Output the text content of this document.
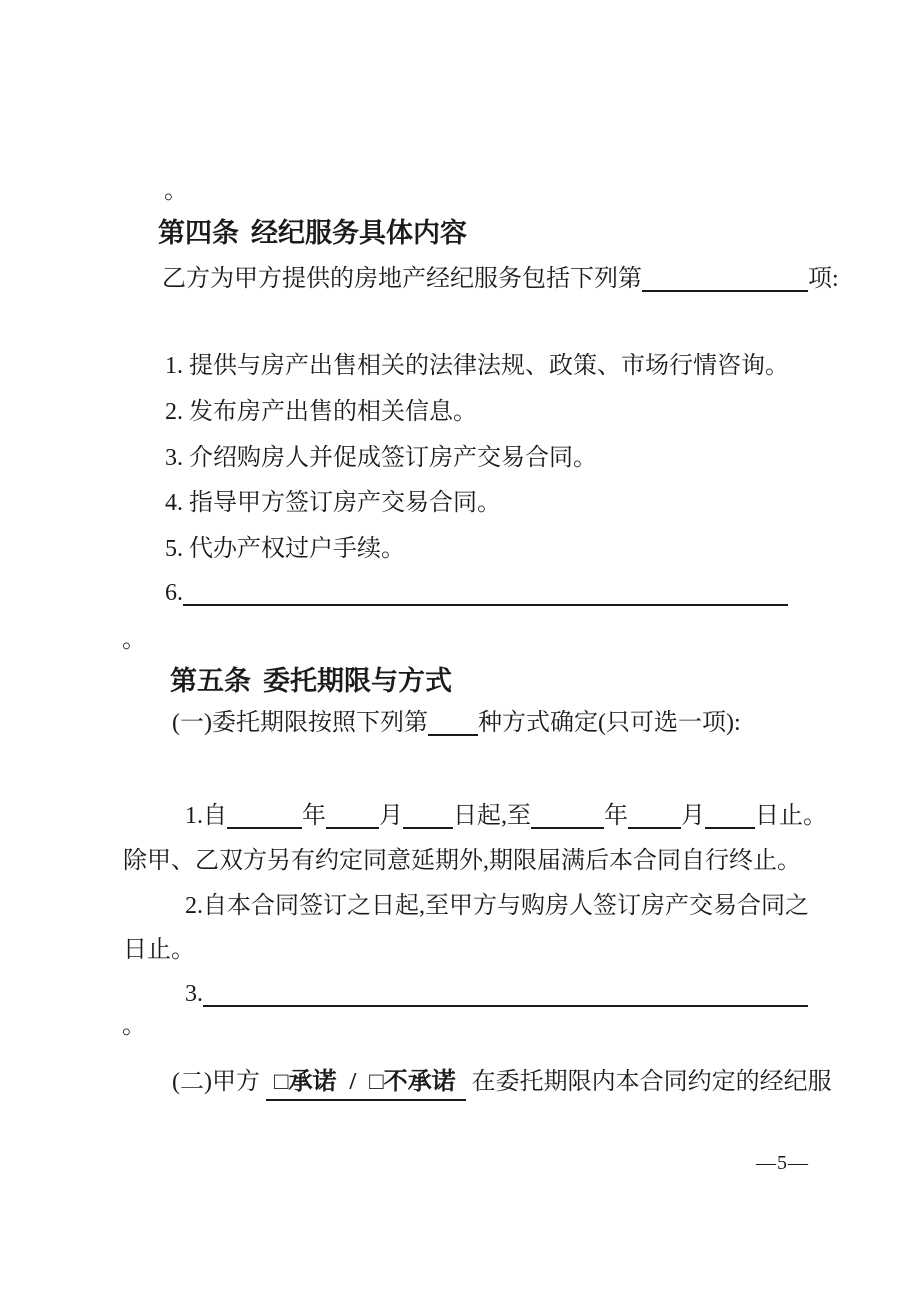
。
第四条 经纪服务具体内容
乙方为甲方提供的房地产经纪服务包括下列第	项:
1. 提供与房产出售相关的法律法规、政策、市场行情咨询。
2. 发布房产出售的相关信息。
3. 介绍购房人并促成签订房产交易合同。
4. 指导甲方签订房产交易合同。
5. 代办产权过户手续。
6.
。
第五条 委托期限与方式
(一)委托期限按照下列第 种方式确定(只可选一项):
1.自	年 月 日起,至	年 月 日止。
除甲、乙双方另有约定同意延期外,期限届满后本合同自行终止。
2.自本合同签订之日起,至甲方与购房人签订房产交易合同之
日止。
3.
。
(二)甲方 □承诺 / □不承诺 在委托期限内本合同约定的经纪服
—5—
